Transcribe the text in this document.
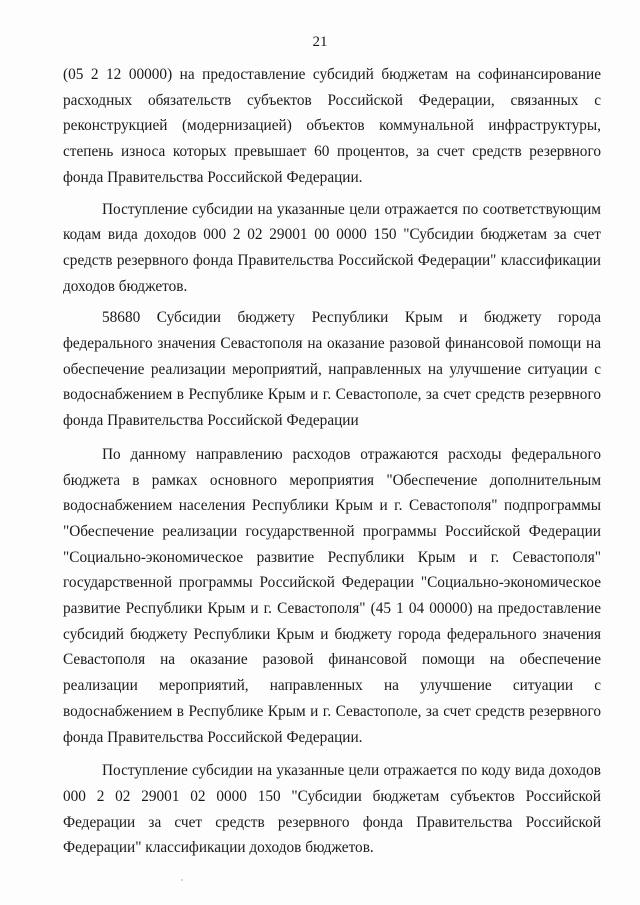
21

(05 2 12 00000) на предоставление субсидий бюджетам на софинансирование расходных обязательств субъектов Российской Федерации, связанных с реконструкцией (модернизацией) объектов коммунальной инфраструктуры, степень износа которых превышает 60 процентов, за счет средств резервного фонда Правительства Российской Федерации.

Поступление субсидии на указанные цели отражается по соответствующим кодам вида доходов 000 2 02 29001 00 0000 150 "Субсидии бюджетам за счет средств резервного фонда Правительства Российской Федерации" классификации доходов бюджетов.

58680 Субсидии бюджету Республики Крым и бюджету города федерального значения Севастополя на оказание разовой финансовой помощи на обеспечение реализации мероприятий, направленных на улучшение ситуации с водоснабжением в Республике Крым и г. Севастополе, за счет средств резервного фонда Правительства Российской Федерации

По данному направлению расходов отражаются расходы федерального бюджета в рамках основного мероприятия "Обеспечение дополнительным водоснабжением населения Республики Крым и г. Севастополя" подпрограммы "Обеспечение реализации государственной программы Российской Федерации "Социально-экономическое развитие Республики Крым и г. Севастополя" государственной программы Российской Федерации "Социально-экономическое развитие Республики Крым и г. Севастополя" (45 1 04 00000) на предоставление субсидий бюджету Республики Крым и бюджету города федерального значения Севастополя на оказание разовой финансовой помощи на обеспечение реализации мероприятий, направленных на улучшение ситуации с водоснабжением в Республике Крым и г. Севастополе, за счет средств резервного фонда Правительства Российской Федерации.

Поступление субсидии на указанные цели отражается по коду вида доходов 000 2 02 29001 02 0000 150 "Субсидии бюджетам субъектов Российской Федерации за счет средств резервного фонда Правительства Российской Федерации" классификации доходов бюджетов.
